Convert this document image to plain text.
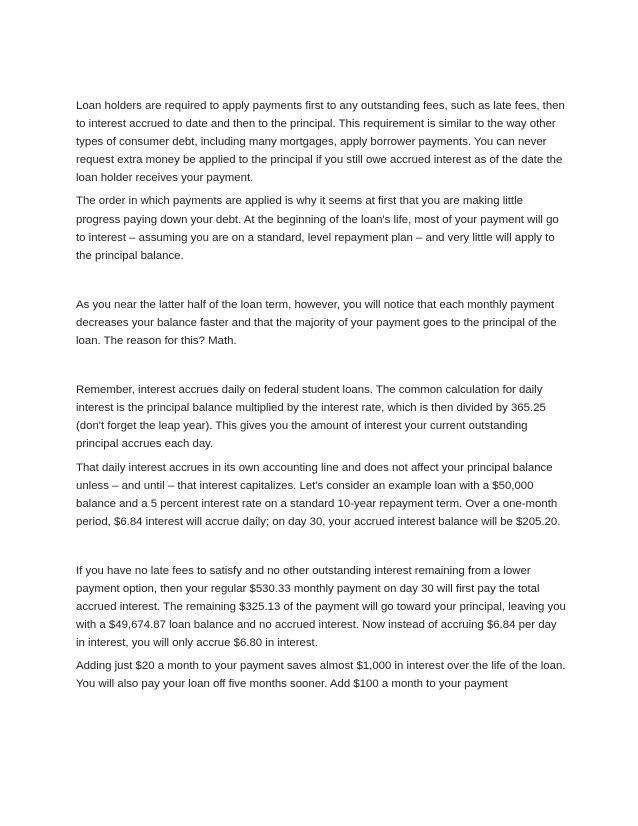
Loan holders are required to apply payments first to any outstanding fees, such as late fees, then to interest accrued to date and then to the principal. This requirement is similar to the way other types of consumer debt, including many mortgages, apply borrower payments. You can never request extra money be applied to the principal if you still owe accrued interest as of the date the loan holder receives your payment.

The order in which payments are applied is why it seems at first that you are making little progress paying down your debt. At the beginning of the loan's life, most of your payment will go to interest – assuming you are on a standard, level repayment plan – and very little will apply to the principal balance.

As you near the latter half of the loan term, however, you will notice that each monthly payment decreases your balance faster and that the majority of your payment goes to the principal of the loan. The reason for this? Math.

Remember, interest accrues daily on federal student loans. The common calculation for daily interest is the principal balance multiplied by the interest rate, which is then divided by 365.25 (don't forget the leap year). This gives you the amount of interest your current outstanding principal accrues each day.

That daily interest accrues in its own accounting line and does not affect your principal balance unless – and until – that interest capitalizes. Let's consider an example loan with a $50,000 balance and a 5 percent interest rate on a standard 10-year repayment term. Over a one-month period, $6.84 interest will accrue daily; on day 30, your accrued interest balance will be $205.20.

If you have no late fees to satisfy and no other outstanding interest remaining from a lower payment option, then your regular $530.33 monthly payment on day 30 will first pay the total accrued interest. The remaining $325.13 of the payment will go toward your principal, leaving you with a $49,674.87 loan balance and no accrued interest. Now instead of accruing $6.84 per day in interest, you will only accrue $6.80 in interest.

Adding just $20 a month to your payment saves almost $1,000 in interest over the life of the loan. You will also pay your loan off five months sooner. Add $100 a month to your payment
